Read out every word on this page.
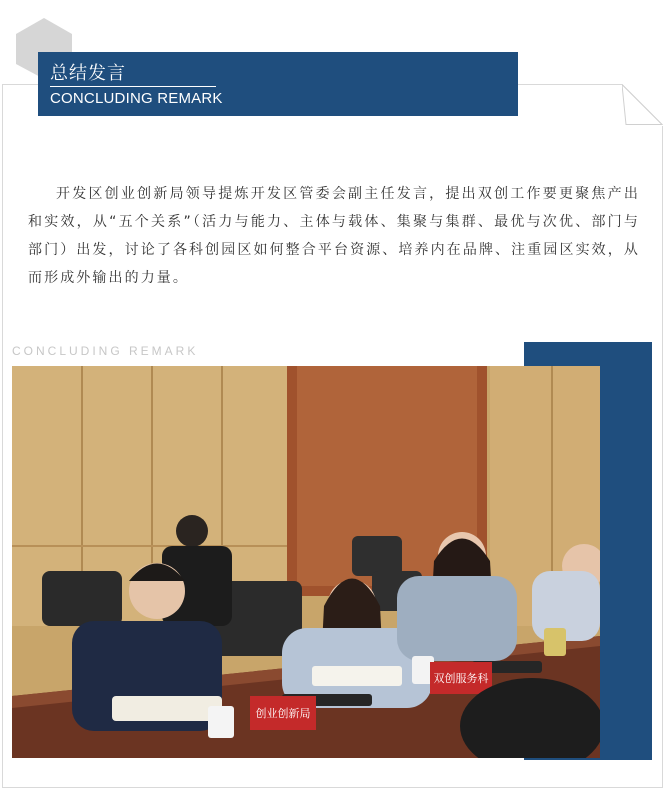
总结发言
CONCLUDING REMARK

开发区创业创新局领导提炼开发区管委会副主任发言，提出双创工作要更聚焦产出和实效，从“五个关系”（活力与能力、主体与载体、集聚与集群、最优与次优、部门与部门）出发，讨论了各科创园区如何整合平台资源、培养内在品牌、注重园区实效，从而形成外输出的力量。

CONCLUDING REMARK
创业创新局
双创服务科
